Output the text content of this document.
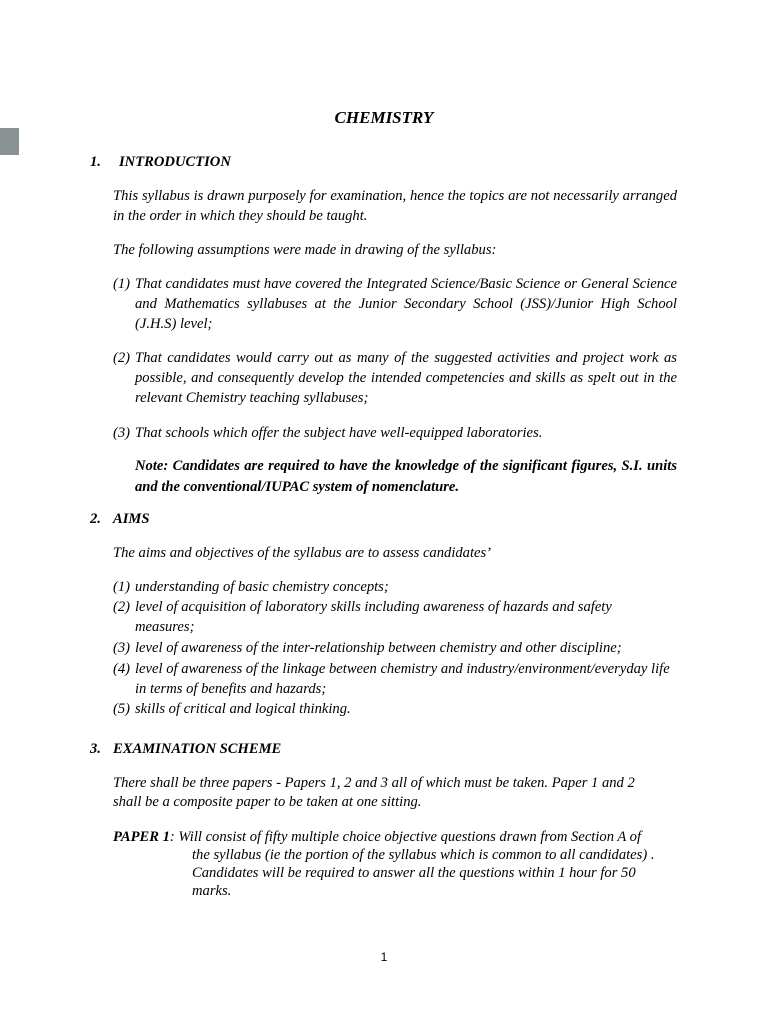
CHEMISTRY
1. INTRODUCTION
This syllabus is drawn purposely for examination, hence the topics are not necessarily arranged in the order in which they should be taught.
The following assumptions were made in drawing of the syllabus:
(1) That candidates must have covered the Integrated Science/Basic Science or General Science and Mathematics syllabuses at the Junior Secondary School (JSS)/Junior High School (J.H.S) level;
(2) That candidates would carry out as many of the suggested activities and project work as possible, and consequently develop the intended competencies and skills as spelt out in the relevant Chemistry teaching syllabuses;
(3) That schools which offer the subject have well-equipped laboratories.
Note: Candidates are required to have the knowledge of the significant figures, S.I. units and the conventional/IUPAC system of nomenclature.
2. AIMS
The aims and objectives of the syllabus are to assess candidates’
(1) understanding of basic chemistry concepts;
(2) level of acquisition of laboratory skills including awareness of hazards and safety measures;
(3) level of awareness of the inter-relationship between chemistry and other discipline;
(4) level of awareness of the linkage between chemistry and industry/environment/everyday life in terms of benefits and hazards;
(5) skills of critical and logical thinking.
3. EXAMINATION SCHEME
There shall be three papers - Papers 1, 2 and 3 all of which must be taken. Paper 1 and 2 shall be a composite paper to be taken at one sitting.
PAPER 1: Will consist of fifty multiple choice objective questions drawn from Section A of
the syllabus (ie the portion of the syllabus which is common to all candidates) . Candidates will be required to answer all the questions within 1 hour for 50 marks.
1
